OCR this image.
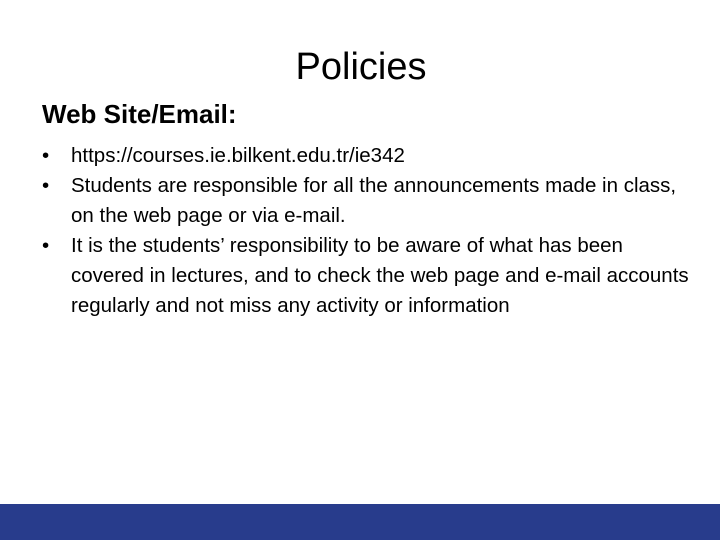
Policies
Web Site/Email:
•	https://courses.ie.bilkent.edu.tr/ie342
•	Students are responsible for all the announcements made in class, on the web page or via e-mail.
•	It is the students’ responsibility to be aware of what has been covered in lectures, and to check the web page and e-mail accounts regularly and not miss any activity or information
